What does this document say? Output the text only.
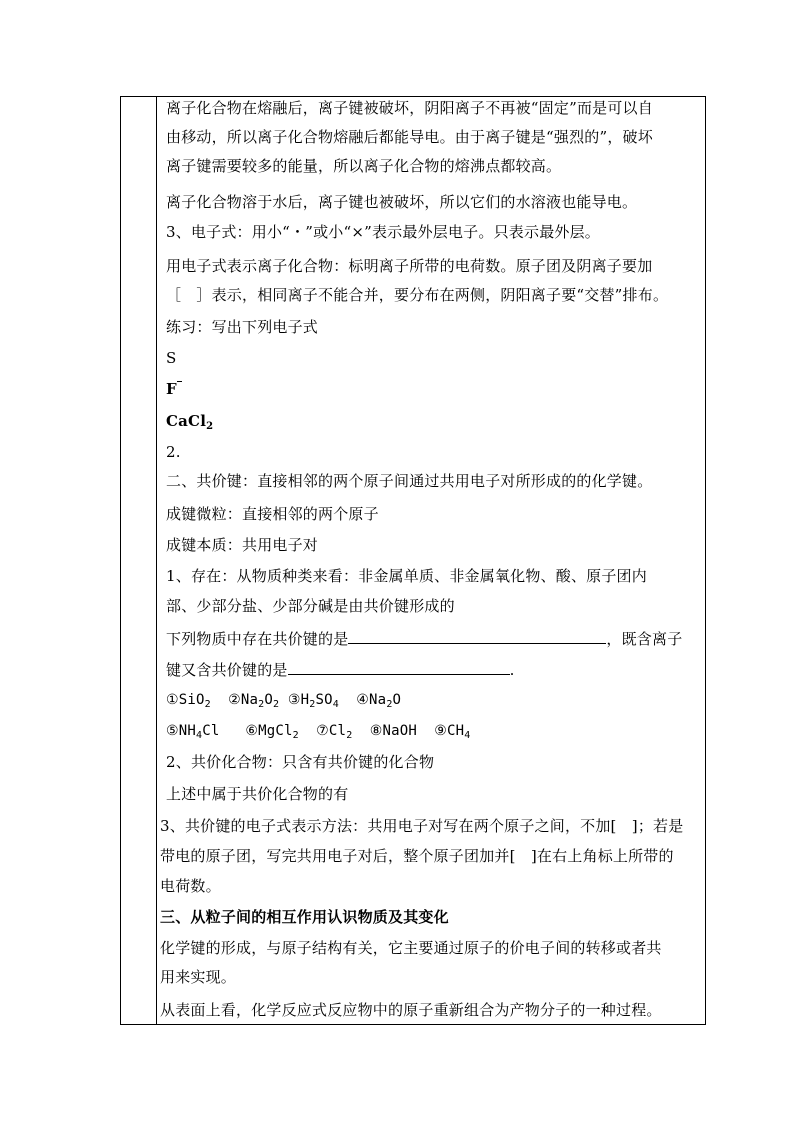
离子化合物在熔融后，离子键被破坏，阴阳离子不再被“固定”而是可以自
由移动，所以离子化合物熔融后都能导电。由于离子键是“强烈的”，破坏
离子键需要较多的能量，所以离子化合物的熔沸点都较高。
离子化合物溶于水后，离子键也被破坏，所以它们的水溶液也能导电。
3、电子式：用小“・”或小“×”表示最外层电子。只表示最外层。
用电子式表示离子化合物：标明离子所带的电荷数。原子团及阴离子要加
［　］表示，相同离子不能合并，要分布在两侧，阴阳离子要“交替”排布。
练习：写出下列电子式
S
F
CaCl$_2$
2.
二、共价键：直接相邻的两个原子间通过共用电子对所形成的的化学键。
成键微粒：直接相邻的两个原子
成键本质：共用电子对
1、存在：从物质种类来看：非金属单质、非金属氧化物、酸、原子团内
部、少部分盐、少部分碱是由共价键形成的
下列物质中存在共价键的是	，既含离子
键又含共价键的是	.
①SiO$_2$ $②Na_2O_2$ $③H_2SO_4$ $④Na_2O$
$⑤NH_4Cl$ ⑥MgCl$_2$ $⑦Cl_2$ ⑧NaOH $⑨CH_4$
2、共价化合物：只含有共价键的化合物
上述中属于共价化合物的有
3、共价键的电子式表示方法：共用电子对写在两个原子之间，不加[　]；若是
带电的原子团，写完共用电子对后，整个原子团加并[　]在右上角标上所带的
电荷数。
三、从粒子间的相互作用认识物质及其变化
化学键的形成，与原子结构有关，它主要通过原子的价电子间的转移或者共
用来实现。
从表面上看，化学反应式反应物中的原子重新组合为产物分子的一种过程。
